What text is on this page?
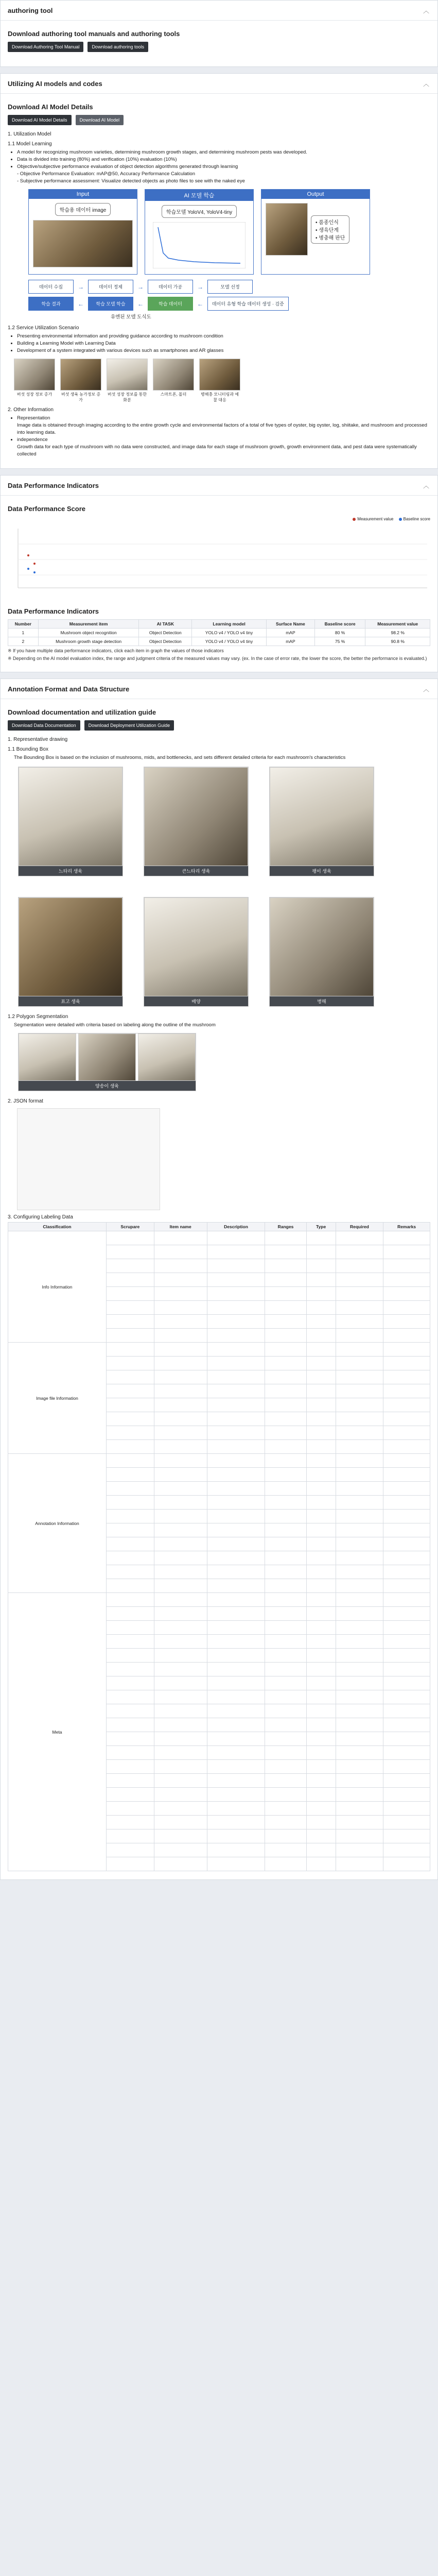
authoring tool	︿
Download authoring tool manuals and authoring tools
Download Authoring Tool Manual	Download authoring tools
Utilizing AI models and codes	︿
Download AI Model Details
Download AI Model Details	Download AI Model
1. Utilization Model
1.1 Model Learning
• A model for recognizing mushroom varieties, determining mushroom growth stages, and determining mushroom pests was developed.
• Data is divided into training (80%) and verification (10%) evaluation (10%)
• Objective/subjective performance evaluation of object detection algorithms generated through learning
- Objective Performance Evaluation: mAP@50, Accuracy Performance Calculation
- Subjective performance assessment: Visualize detected objects as photo files to see with the naked eye
Input
학습용 데이터 image
AI 모델 학습
학습모델 YoloV4, YoloV4-tiny
Output
• 품종인식
• 생육단계
• 병충해 판단
데이터 수집	→	데이터 정제	→	데이터 가공	→	모델 선정
학습 결과	←	학습 모델 학습	←	학습 데이터	←	데이터 유형 학습 데이터 생성 · 검증
유엔된 모델 도식도
1.2 Service Utilization Scenario
• Presenting environmental information and providing guidance according to mushroom condition
• Building a Learning Model with Learning Data
• Development of a system integrated with various devices such as smartphones and AR glasses
버섯 성장 정보 증가	버섯 생육 농가정보 증가
버섯 성장 정보를 통한 화분
스마트폰, 폴더	병해충 모니터링과 예찰 대응
2. Other Information
• Representation
Image data is obtained through imaging according to the entire growth cycle and environmental factors of a total of five types of oyster, big oyster, log, shiitake, and mushroom and processed into learning data.
• independence
Growth data for each type of mushroom with no data were constructed, and image data for each stage of mushroom growth, growth environment data, and pest data were systematically collected
Data Performance Indicators	︿
Data Performance Score
Measurement value	Baseline score
Data Performance Indicators
Number	Measurement item	AI TASK	Learning model	Surface Name	Baseline score	Measurement value
1	Mushroom object recognition	Object Detection	YOLO v4 / YOLO v4 tiny	mAP	80 %	98.2 %
2	Mushroom growth stage detection	Object Detection	YOLO v4 / YOLO v4 tiny	mAP	75 %	90.8 %
※ If you have multiple data performance indicators, click each item in graph the values of those indicators
※ Depending on the AI model evaluation index, the range and judgment criteria of the measured values may vary. (ex. In the case of error rate, the lower the score, the better the performance is evaluated.)
Annotation Format and Data Structure	︿
Download documentation and utilization guide
Download Data Documentation	Download Deployment Utilization Guide
1. Representative drawing
1.1 Bounding Box
The Bounding Box is based on the inclusion of mushrooms, mids, and bottlenecks, and sets different detailed criteria for each mushroom's characteristics
느타리 생육	큰느타리 생육	팽이 생육
표고 생육	배양	병해
1.2 Polygon Segmentation
Segmentation were detailed with criteria based on labeling along the outline of the mushroom
양송이 생육
2. JSON format
3. Configuring Labeling Data
Classification	Scrupare	Item name	Description	Ranges	Type	Required	Remarks
Info Information							

Image file Information							

Annotation Information							

Meta							
